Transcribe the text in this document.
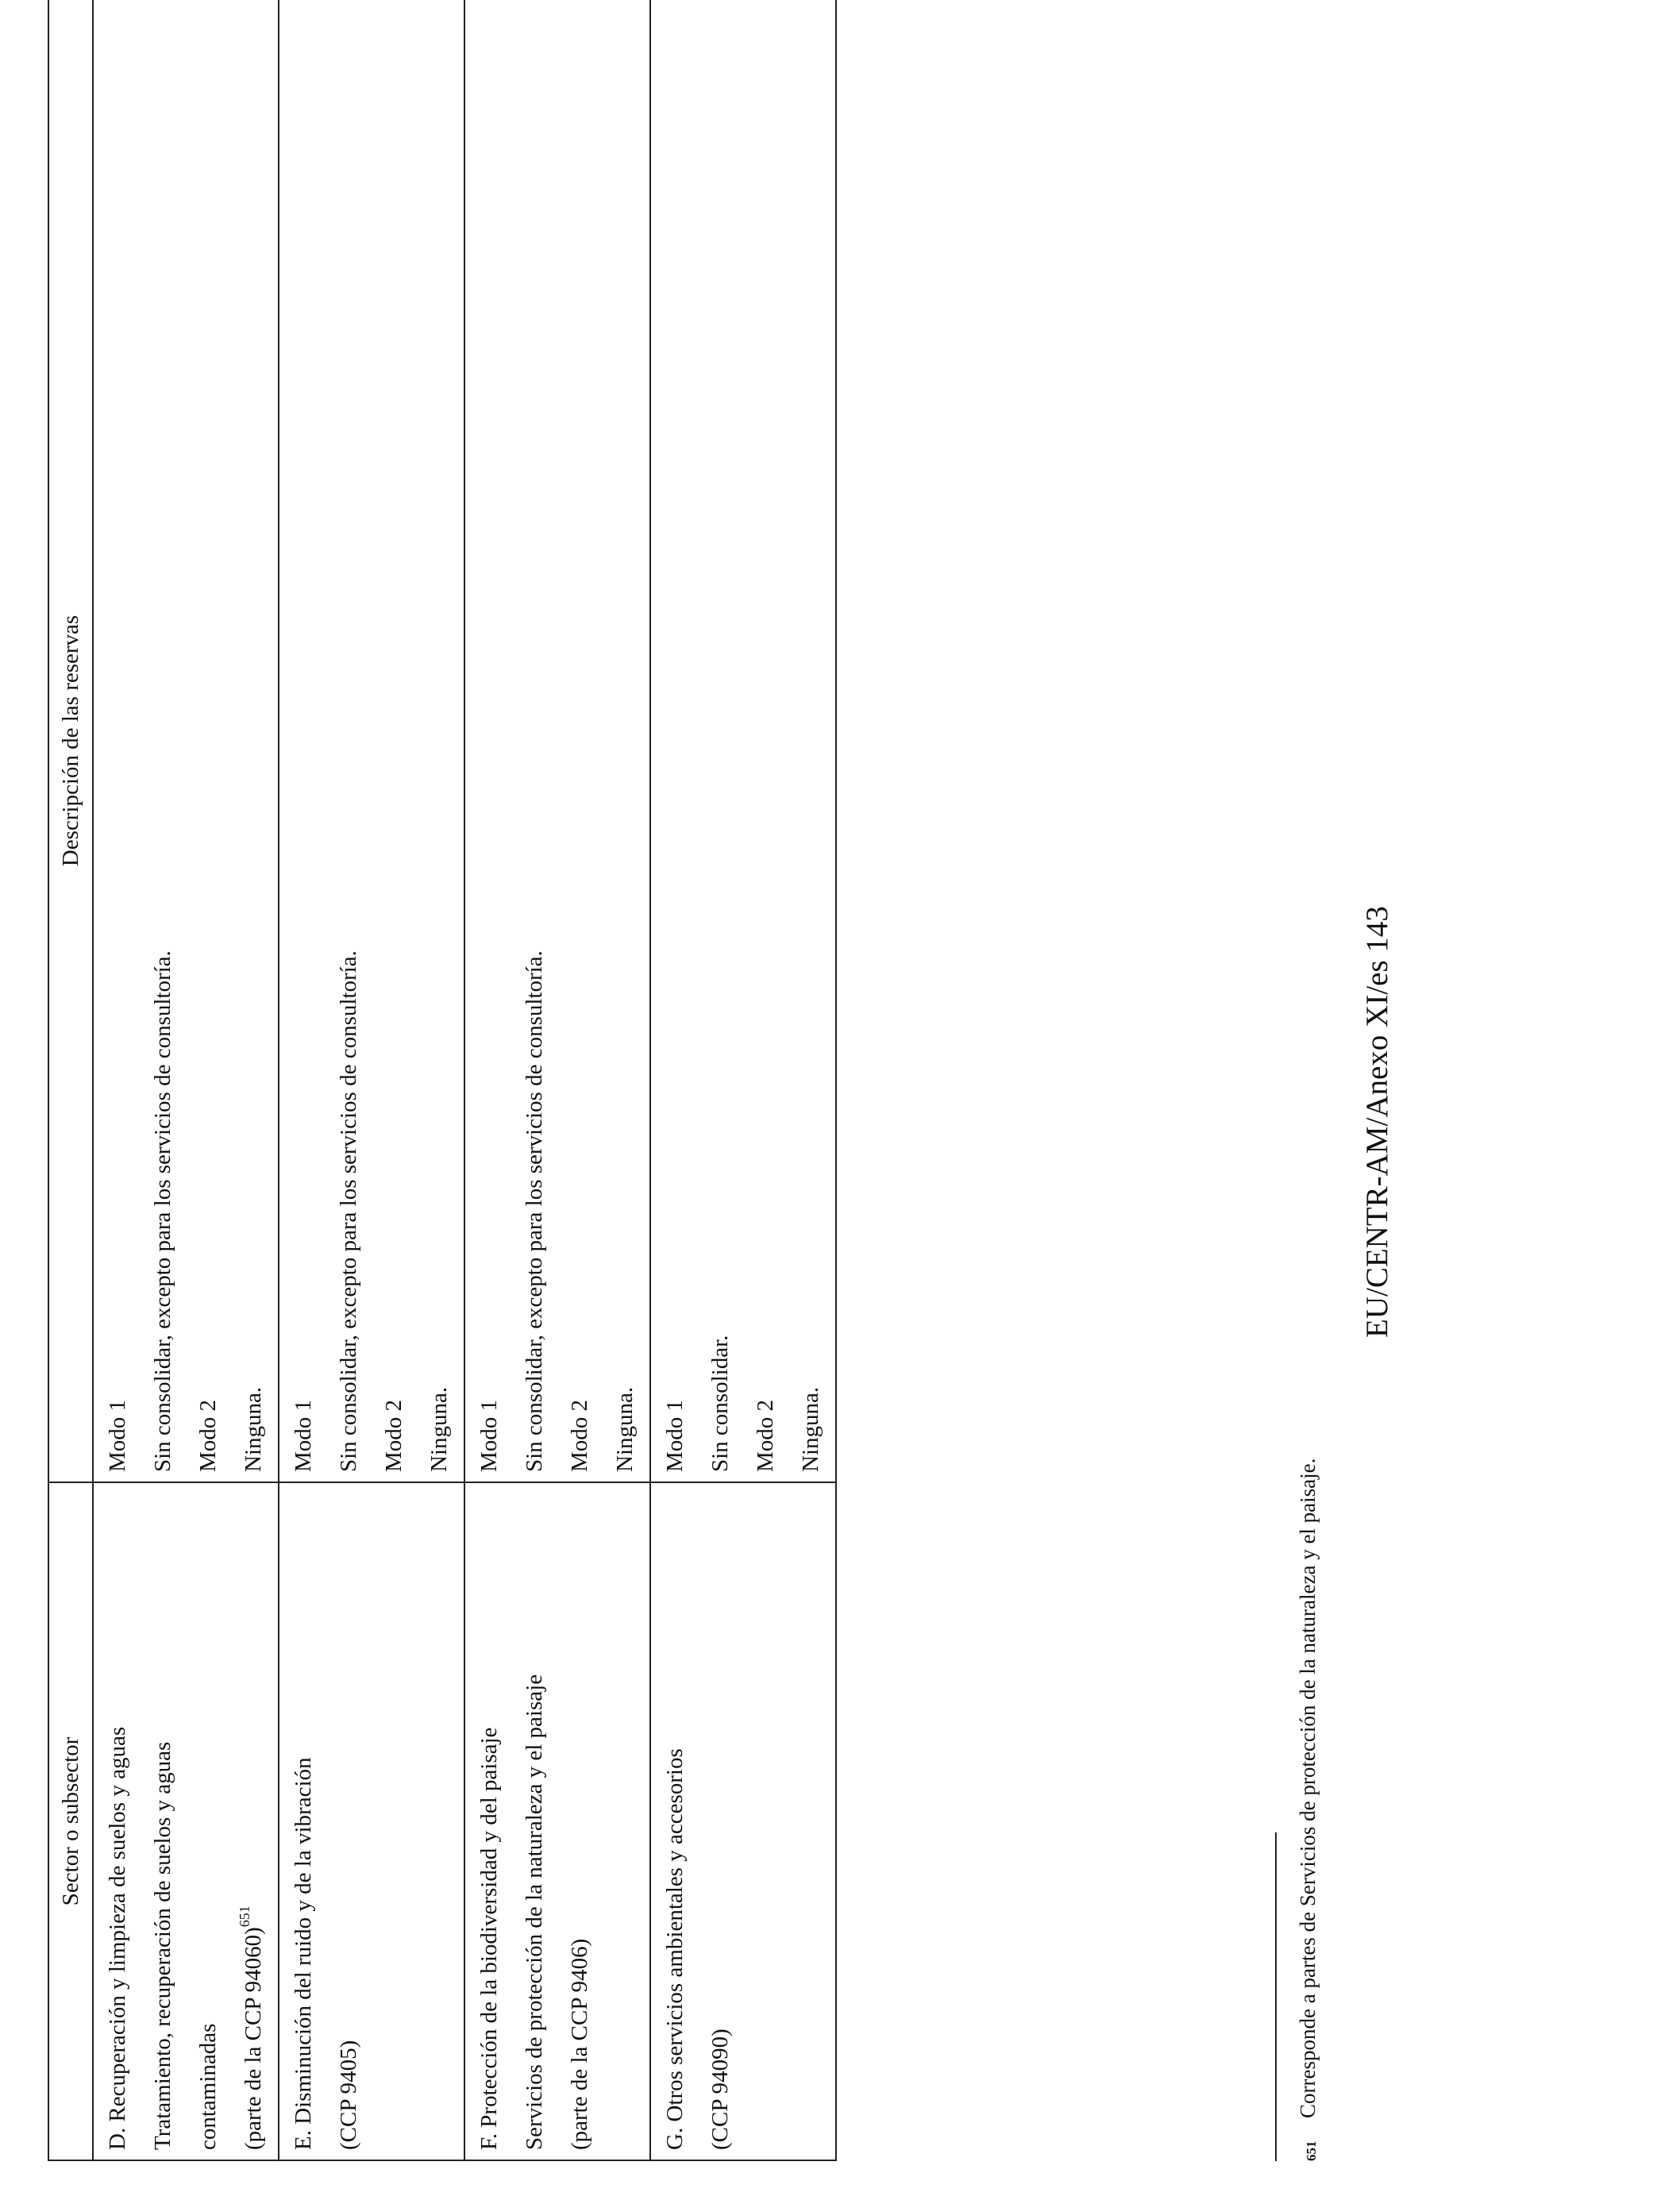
Sector o subsector	Descripción de las reservas

D. Recuperación y limpieza de suelos y aguas Tratamiento, recuperación de suelos y aguas contaminadas (parte de la CCP 94060)$^{651}$	Modo 1 Sin consolidar, excepto para los servicios de consultoría. Modo 2 Ninguna.

E. Disminución del ruido y de la vibración (CCP 9405)	Modo 1 Sin consolidar, excepto para los servicios de consultoría. Modo 2 Ninguna.

F. Protección de la biodiversidad y del paisaje Servicios de protección de la naturaleza y el paisaje (parte de la CCP 9406)	Modo 1 Sin consolidar, excepto para los servicios de consultoría. Modo 2 Ninguna.

G. Otros servicios ambientales y accesorios (CCP 94090)	Modo 1 Sin consolidar. Modo 2 Ninguna.
651Corresponde a partes de Servicios de protección de la naturaleza y el paisaje.
EU/CENTR-AM/Anexo XI/es 143
